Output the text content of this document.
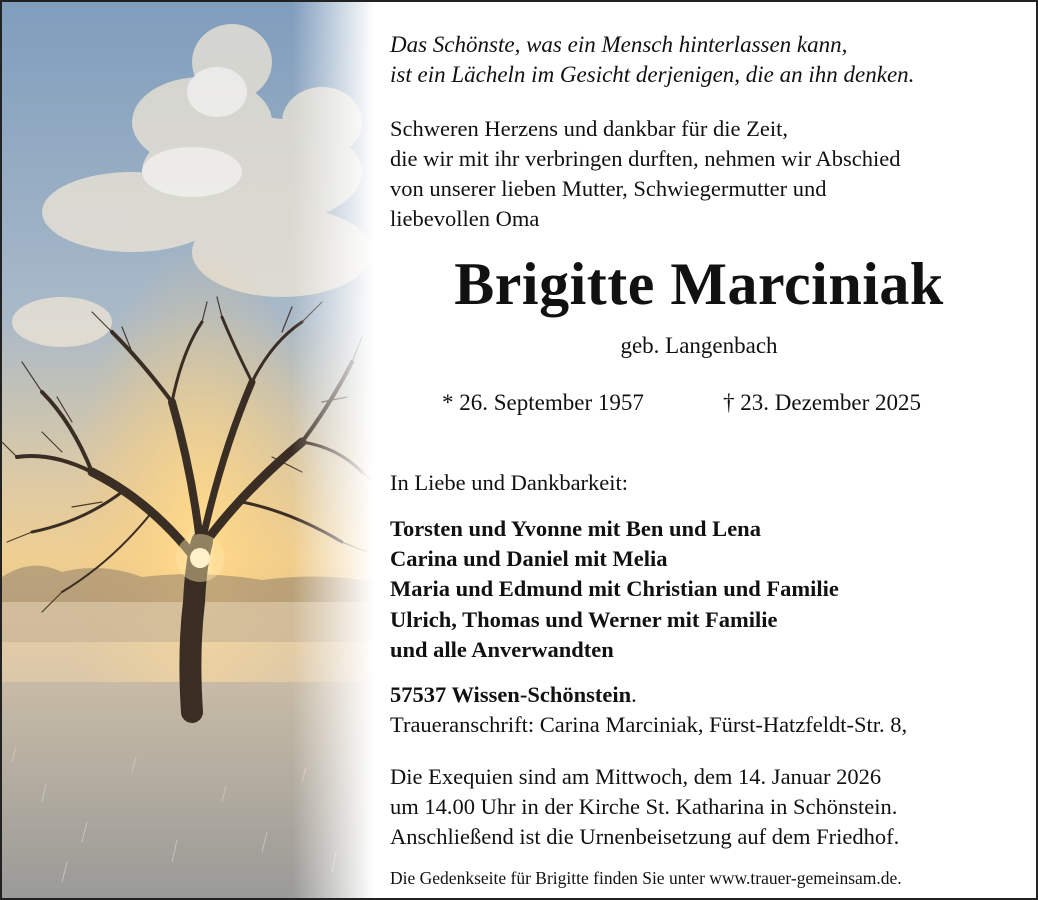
Das Schönste, was ein Mensch hinterlassen kann,
ist ein Lächeln im Gesicht derjenigen, die an ihn denken.
Schweren Herzens und dankbar für die Zeit,
die wir mit ihr verbringen durften, nehmen wir Abschied
von unserer lieben Mutter, Schwiegermutter und
liebevollen Oma
Brigitte Marciniak
geb. Langenbach
* 26. September 1957	† 23. Dezember 2025
In Liebe und Dankbarkeit:
Torsten und Yvonne mit Ben und Lena
Carina und Daniel mit Melia
Maria und Edmund mit Christian und Familie
Ulrich, Thomas und Werner mit Familie
und alle Anverwandten
57537 Wissen-Schönstein.
Traueranschrift: Carina Marciniak, Fürst-Hatzfeldt-Str. 8,
Die Exequien sind am Mittwoch, dem 14. Januar 2026
um 14.00 Uhr in der Kirche St. Katharina in Schönstein.
Anschließend ist die Urnenbeisetzung auf dem Friedhof.
Die Gedenkseite für Brigitte finden Sie unter www.trauer-gemeinsam.de.
